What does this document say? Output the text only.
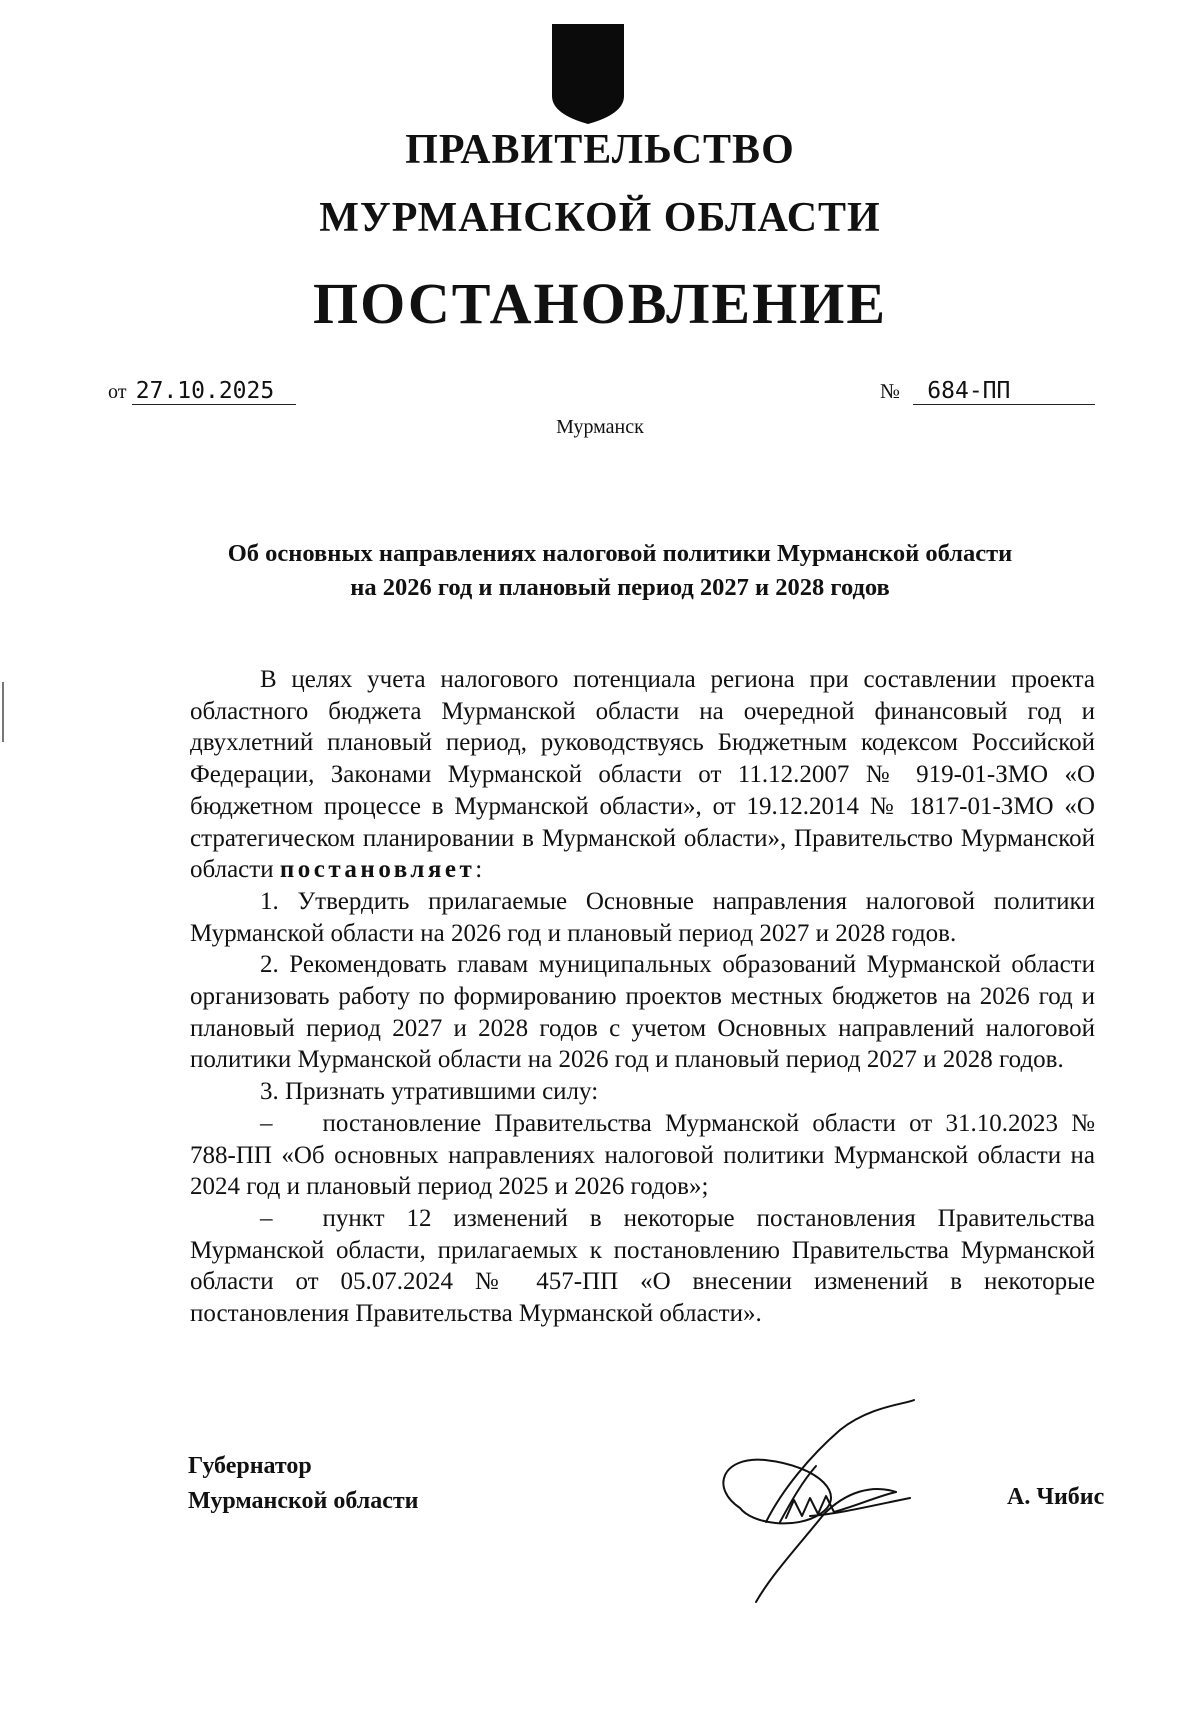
ПРАВИТЕЛЬСТВО
МУРМАНСКОЙ ОБЛАСТИ
ПОСТАНОВЛЕНИЕ
от 27.10.2025	№ 684-ПП
Мурманск
Об основных направлениях налоговой политики Мурманской области
на 2026 год и плановый период 2027 и 2028 годов

В целях учета налогового потенциала региона при составлении проекта областного бюджета Мурманской области на очередной финансовый год и двухлетний плановый период, руководствуясь Бюджетным кодексом Российской Федерации, Законами Мурманской области от 11.12.2007 № 919-01-ЗМО «О бюджетном процессе в Мурманской области», от 19.12.2014 № 1817-01-ЗМО «О стратегическом планировании в Мурманской области», Правительство Мурманской области постановляет:

1. Утвердить прилагаемые Основные направления налоговой политики Мурманской области на 2026 год и плановый период 2027 и 2028 годов.

2. Рекомендовать главам муниципальных образований Мурманской области организовать работу по формированию проектов местных бюджетов на 2026 год и плановый период 2027 и 2028 годов с учетом Основных направлений налоговой политики Мурманской области на 2026 год и плановый период 2027 и 2028 годов.

3. Признать утратившими силу:

–  постановление Правительства Мурманской области от 31.10.2023 № 788-ПП «Об основных направлениях налоговой политики Мурманской области на 2024 год и плановый период 2025 и 2026 годов»;

–  пункт 12 изменений в некоторые постановления Правительства Мурманской области, прилагаемых к постановлению Правительства Мурманской области от 05.07.2024 № 457-ПП «О внесении изменений в некоторые постановления Правительства Мурманской области».

Губернатор
Мурманской области	А. Чибис
